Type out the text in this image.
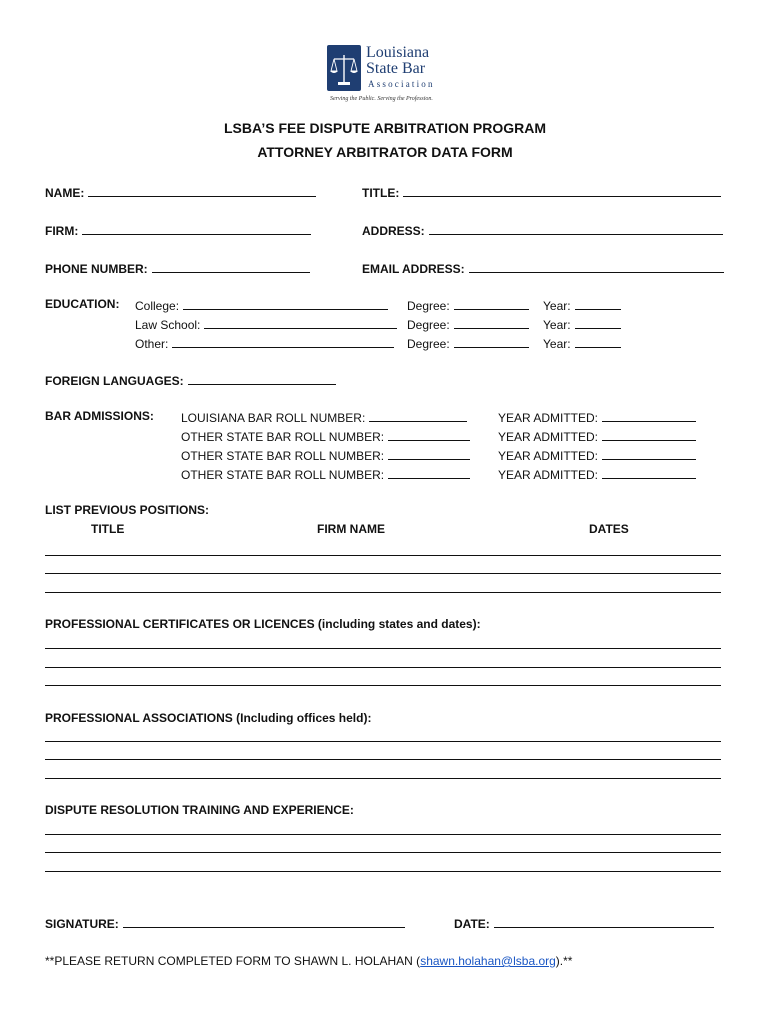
Louisiana
State Bar
Association
Serving the Public. Serving the Profession.
LSBA’S FEE DISPUTE ARBITRATION PROGRAM
ATTORNEY ARBITRATOR DATA FORM
NAME:	TITLE:
FIRM:	ADDRESS:
PHONE NUMBER:	EMAIL ADDRESS:
EDUCATION: College:	Degree:	Year:
Law School:	Degree:	Year:
Other:	Degree:	Year:
FOREIGN LANGUAGES:
BAR ADMISSIONS: LOUISIANA BAR ROLL NUMBER:	YEAR ADMITTED:
OTHER STATE BAR ROLL NUMBER:	YEAR ADMITTED:
OTHER STATE BAR ROLL NUMBER:	YEAR ADMITTED:
OTHER STATE BAR ROLL NUMBER:	YEAR ADMITTED:
LIST PREVIOUS POSITIONS:
TITLE	FIRM NAME	DATES
PROFESSIONAL CERTIFICATES OR LICENCES (including states and dates):
PROFESSIONAL ASSOCIATIONS (Including offices held):
DISPUTE RESOLUTION TRAINING AND EXPERIENCE:
SIGNATURE:	DATE:
**PLEASE RETURN COMPLETED FORM TO SHAWN L. HOLAHAN (shawn.holahan@lsba.org).**
